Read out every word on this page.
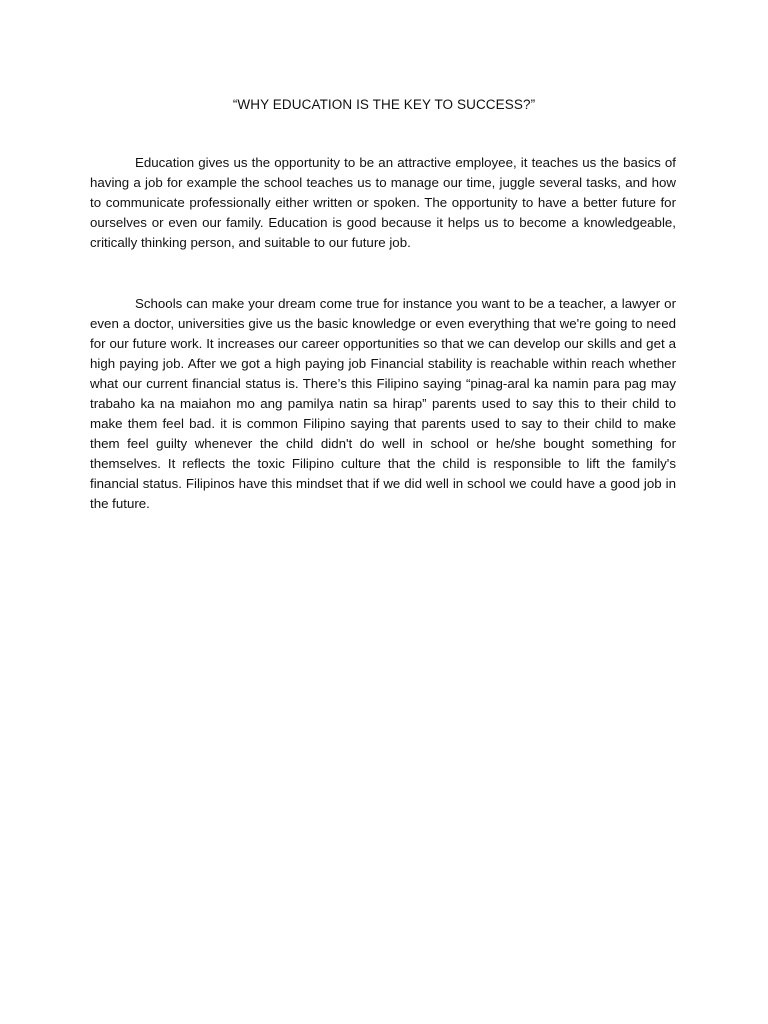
“WHY EDUCATION IS THE KEY TO SUCCESS?”

Education gives us the opportunity to be an attractive employee, it teaches us the basics of having a job for example the school teaches us to manage our time, juggle several tasks, and how to communicate professionally either written or spoken. The opportunity to have a better future for ourselves or even our family. Education is good because it helps us to become a knowledgeable, critically thinking person, and suitable to our future job.

Schools can make your dream come true for instance you want to be a teacher, a lawyer or even a doctor, universities give us the basic knowledge or even everything that we're going to need for our future work. It increases our career opportunities so that we can develop our skills and get a high paying job. After we got a high paying job Financial stability is reachable within reach whether what our current financial status is. There’s this Filipino saying “pinag-aral ka namin para pag may trabaho ka na maiahon mo ang pamilya natin sa hirap” parents used to say this to their child to make them feel bad. it is common Filipino saying that parents used to say to their child to make them feel guilty whenever the child didn't do well in school or he/she bought something for themselves. It reflects the toxic Filipino culture that the child is responsible to lift the family's financial status. Filipinos have this mindset that if we did well in school we could have a good job in the future.
